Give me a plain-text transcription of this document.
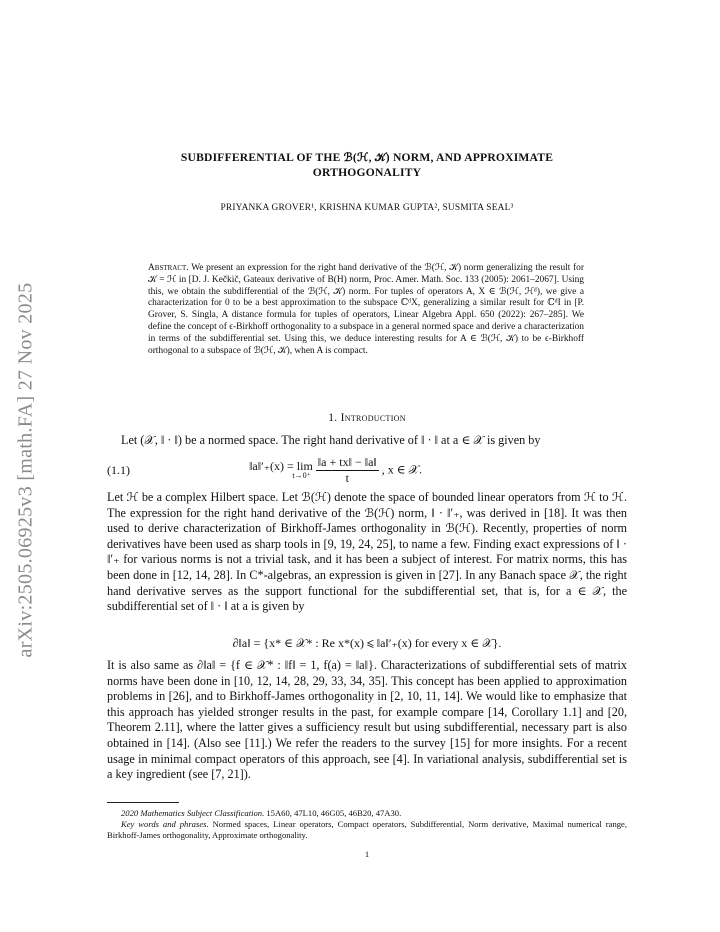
arXiv:2505.06925v3 [math.FA] 27 Nov 2025
SUBDIFFERENTIAL OF THE ℬ(ℋ, 𝒦) NORM, AND APPROXIMATE
ORTHOGONALITY
PRIYANKA GROVER¹, KRISHNA KUMAR GUPTA², SUSMITA SEAL³
Abstract. We present an expression for the right hand derivative of the ℬ(ℋ, 𝒦) norm generalizing the result for 𝒦 = ℋ in [D. J. Kečkič, Gateaux derivative of B(H) norm, Proc. Amer. Math. Soc. 133 (2005): 2061–2067]. Using this, we obtain the subdifferential of the ℬ(ℋ, 𝒦) norm. For tuples of operators A, X ∈ ℬ(ℋ, ℋᵈ), we give a characterization for 0 to be a best approximation to the subspace ℂᵈX, generalizing a similar result for ℂᵈI in [P. Grover, S. Singla, A distance formula for tuples of operators, Linear Algebra Appl. 650 (2022): 267–285]. We define the concept of ϵ-Birkhoff orthogonality to a subspace in a general normed space and derive a characterization in terms of the subdifferential set. Using this, we deduce interesting results for A ∈ ℬ(ℋ, 𝒦) to be ϵ-Birkhoff orthogonal to a subspace of ℬ(ℋ, 𝒦), when A is compact.
1. Introduction
Let (𝒳, ‖ · ‖) be a normed space. The right hand derivative of ‖ · ‖ at a ∈ 𝒳 is given by
(1.1)	‖a‖′₊(x) = lim
t→0⁺
$\frac{‖a + tx‖ - ‖a‖}{t}$ , x ∈ 𝒳.
Let ℋ be a complex Hilbert space. Let ℬ(ℋ) denote the space of bounded linear operators from ℋ to ℋ. The expression for the right hand derivative of the ℬ(ℋ) norm, ‖ · ‖′₊, was derived in [18]. It was then used to derive characterization of Birkhoff-James orthogonality in ℬ(ℋ). Recently, properties of norm derivatives have been used as sharp tools in [9, 19, 24, 25], to name a few. Finding exact expressions of ‖ · ‖′₊ for various norms is not a trivial task, and it has been a subject of interest. For matrix norms, this has been done in [12, 14, 28]. In C*-algebras, an expression is given in [27]. In any Banach space 𝒳, the right hand derivative serves as the support functional for the subdifferential set, that is, for a ∈ 𝒳, the subdifferential set of ‖ · ‖ at a is given by
∂‖a‖ = {x* ∈ 𝒳* : Re x*(x) ⩽ ‖a‖′₊(x) for every x ∈ 𝒳}.
It is also same as ∂‖a‖ = {f ∈ 𝒳* : ‖f‖ = 1, f(a) = ‖a‖}. Characterizations of subdifferential sets of matrix norms have been done in [10, 12, 14, 28, 29, 33, 34, 35]. This concept has been applied to approximation problems in [26], and to Birkhoff-James orthogonality in [2, 10, 11, 14]. We would like to emphasize that this approach has yielded stronger results in the past, for example compare [14, Corollary 1.1] and [20, Theorem 2.11], where the latter gives a sufficiency result but using subdifferential, necessary part is also obtained in [14]. (Also see [11].) We refer the readers to the survey [15] for more insights. For a recent usage in minimal compact operators of this approach, see [4]. In variational analysis, subdifferential set is a key ingredient (see [7, 21]).
2020 Mathematics Subject Classification. 15A60, 47L10, 46G05, 46B20, 47A30.
Key words and phrases. Normed spaces, Linear operators, Compact operators, Subdifferential, Norm derivative, Maximal numerical range, Birkhoff-James orthogonality, Approximate orthogonality.
1
